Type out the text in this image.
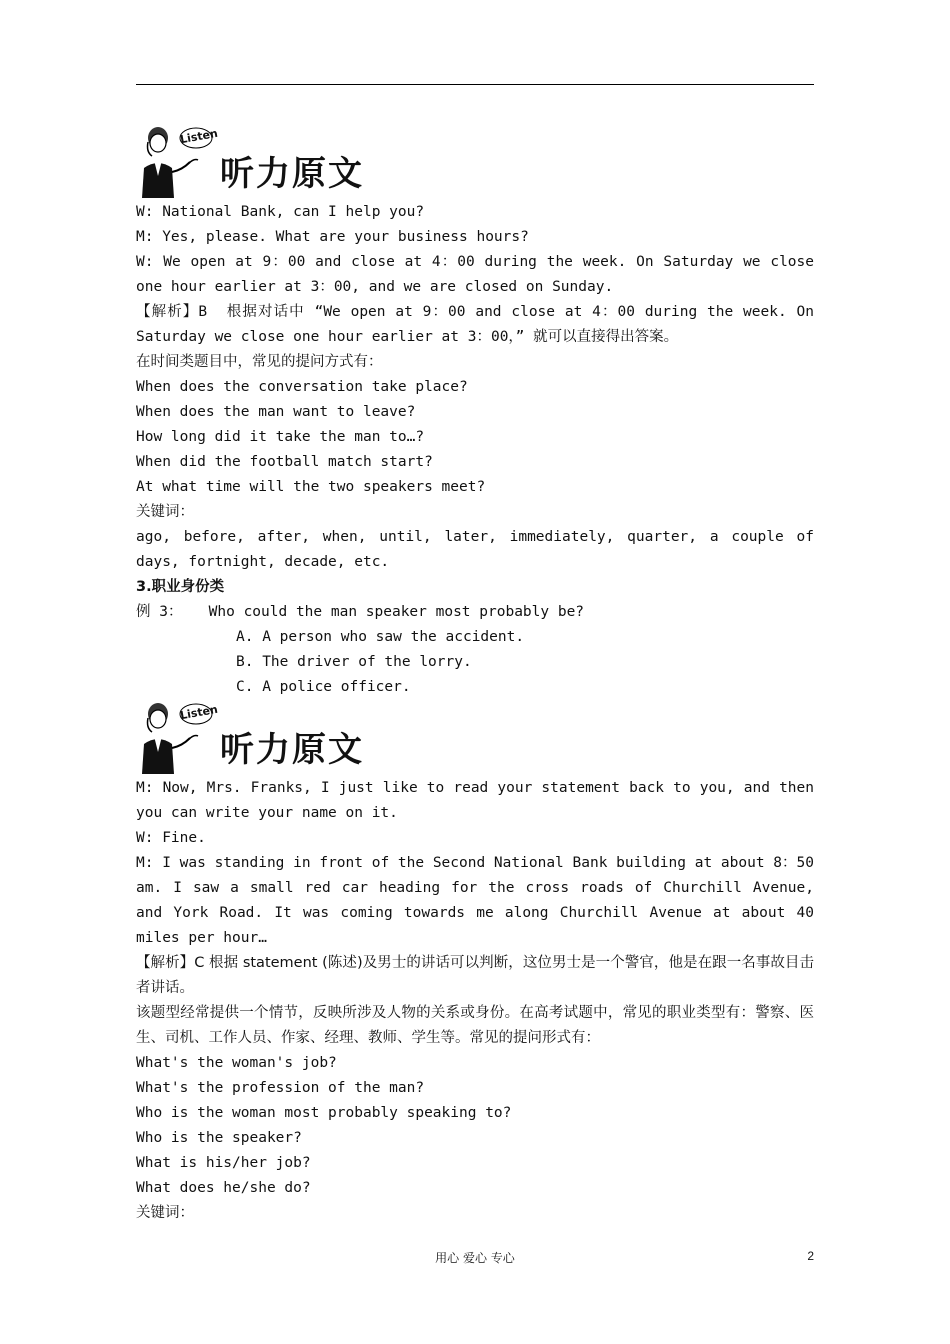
Listen
听力原文

W: National Bank, can I help you?

M: Yes, please. What are your business hours?

W: We open at 9：00 and close at 4：00 during the week. On Saturday we close one hour earlier at 3：00, and we are closed on Sunday.

【解析】B  根据对话中 “We open at 9：00 and close at 4：00 during the week. On Saturday we close one hour earlier at 3：00，” 就可以直接得出答案。

在时间类题目中，常见的提问方式有：

When does the conversation take place?

When does the man want to leave?

How long did it take the man to…?

When did the football match start?

At what time will the two speakers meet?

关键词：

ago, before, after, when, until, later, immediately, quarter, a couple of days, fortnight, decade, etc.

3.职业身份类

例 3：   Who could the man speaker most probably be?

A. A person who saw the accident.

B. The driver of the lorry.

C. A police officer.

Listen
听力原文

M: Now, Mrs. Franks, I just like to read your statement back to you, and then you can write your name on it.

W: Fine.

M: I was standing in front of the Second National Bank building at about 8：50 am. I saw a small red car heading for the cross roads of Churchill Avenue, and York Road. It was coming towards me along Churchill Avenue at about 40 miles per hour…

【解析】C 根据 statement (陈述)及男士的讲话可以判断，这位男士是一个警官，他是在跟一名事故目击者讲话。

该题型经常提供一个情节，反映所涉及人物的关系或身份。在高考试题中，常见的职业类型有：警察、医生、司机、工作人员、作家、经理、教师、学生等。常见的提问形式有：

What's the woman's job?

What's the profession of the man?

Who is the woman most probably speaking to?

Who is the speaker?

What is his/her job?

What does he/she do?

关键词：

用心 爱心 专心	2
